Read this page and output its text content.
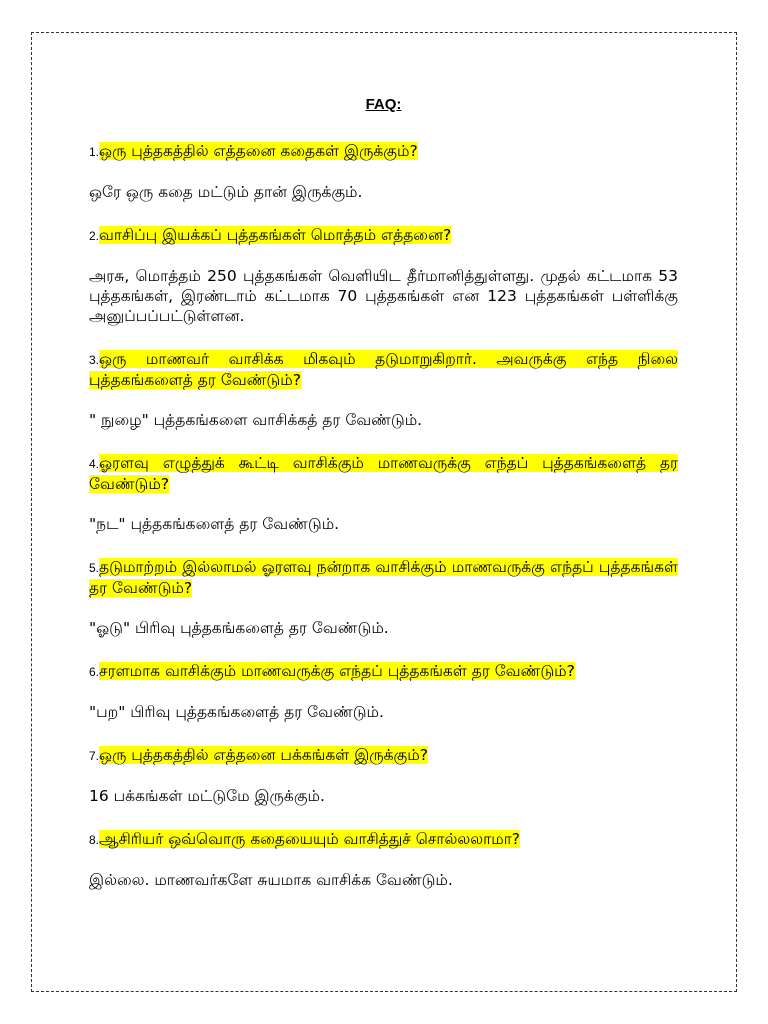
FAQ:

1.ஒரு புத்தகத்தில் எத்தனை கதைகள் இருக்கும்?

ஒரே ஒரு கதை மட்டும் தான் இருக்கும்.

2.வாசிப்பு இயக்கப் புத்தகங்கள் மொத்தம் எத்தனை?

அரசு, மொத்தம் 250 புத்தகங்கள் வெளியிட தீர்மானித்துள்ளது. முதல் கட்டமாக 53 புத்தகங்கள், இரண்டாம் கட்டமாக 70 புத்தகங்கள் என 123 புத்தகங்கள் பள்ளிக்கு அனுப்பப்பட்டுள்ளன.

3.ஒரு மாணவர் வாசிக்க மிகவும் தடுமாறுகிறார். அவருக்கு எந்த நிலை புத்தகங்களைத் தர வேண்டும்?

" நுழை" புத்தகங்களை வாசிக்கத் தர வேண்டும்.

4.ஓரளவு எழுத்துக் கூட்டி வாசிக்கும் மாணவருக்கு எந்தப் புத்தகங்களைத் தர வேண்டும்?

"நட" புத்தகங்களைத் தர வேண்டும்.

5.தடுமாற்றம் இல்லாமல் ஓரளவு நன்றாக வாசிக்கும் மாணவருக்கு எந்தப் புத்தகங்கள் தர வேண்டும்?

"ஓடு" பிரிவு புத்தகங்களைத் தர வேண்டும்.

6.சரளமாக வாசிக்கும் மாணவருக்கு எந்தப் புத்தகங்கள் தர வேண்டும்?

"பற" பிரிவு புத்தகங்களைத் தர வேண்டும்.

7.ஒரு புத்தகத்தில் எத்தனை பக்கங்கள் இருக்கும்?

16 பக்கங்கள் மட்டுமே இருக்கும்.

8.ஆசிரியர் ஒவ்வொரு கதையையும் வாசித்துச் சொல்லலாமா?

இல்லை. மாணவர்களே சுயமாக வாசிக்க வேண்டும்.
